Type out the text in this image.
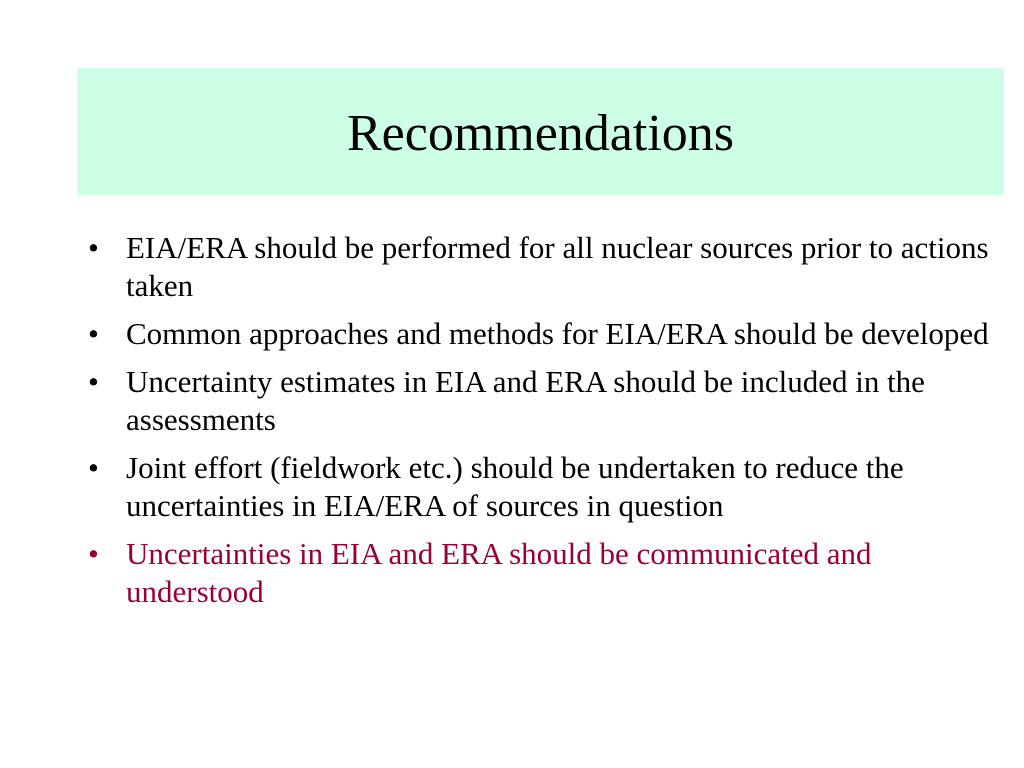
Recommendations
• EIA/ERA should be performed for all nuclear sources prior to actions taken
• Common approaches and methods for EIA/ERA should be developed
• Uncertainty estimates in EIA and ERA should be included in the assessments
• Joint effort (fieldwork etc.) should be undertaken to reduce the uncertainties in EIA/ERA of sources in question
• Uncertainties in EIA and ERA should be communicated and understood
